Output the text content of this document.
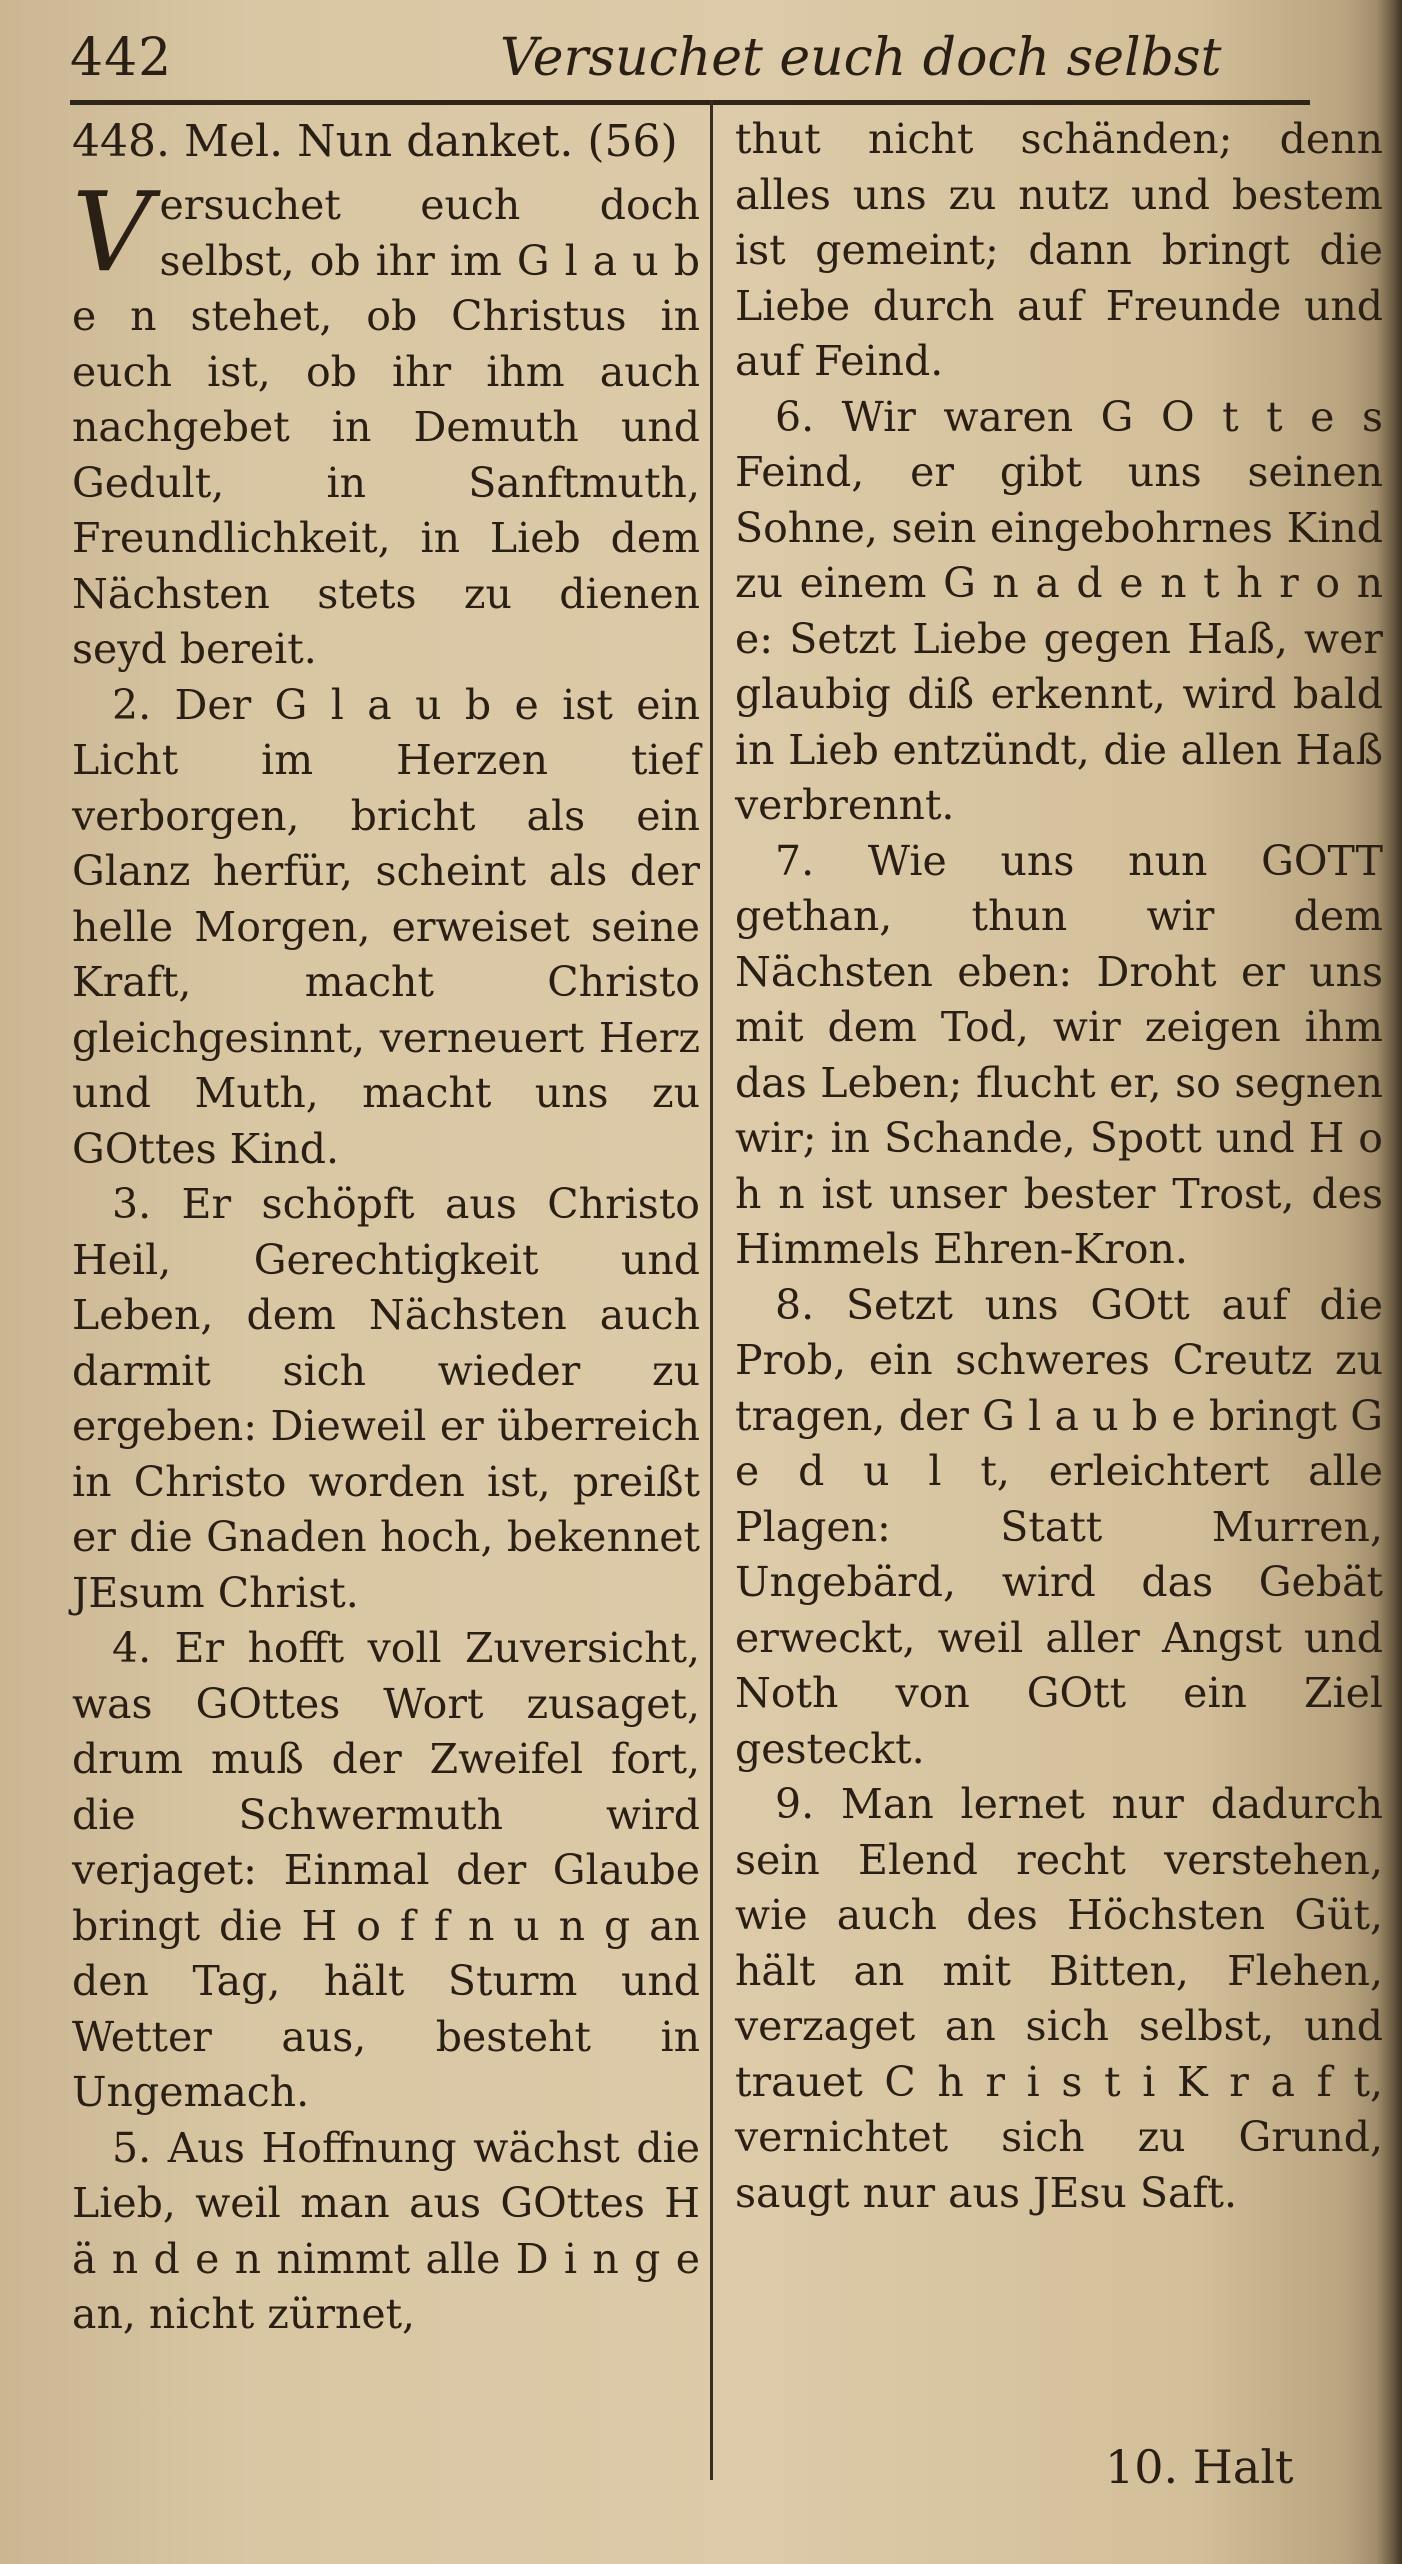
442	Versuchet euch doch selbst
448. Mel. Nun danket. (56)

Versuchet euch doch selbst, ob ihr im G l a u b e n stehet, ob Christus in euch ist, ob ihr ihm auch nachgebet in Demuth und Gedult, in Sanftmuth, Freundlichkeit, in Lieb dem Nächsten stets zu dienen seyd bereit.

2. Der G l a u b e ist ein Licht im Herzen tief verborgen, bricht als ein Glanz herfür, scheint als der helle Morgen, erweiset seine Kraft, macht Christo gleichgesinnt, verneuert Herz und Muth, macht uns zu GOttes Kind.

3. Er schöpft aus Christo Heil, Gerechtigkeit und Leben, dem Nächsten auch darmit sich wieder zu ergeben: Dieweil er überreich in Christo worden ist, preißt er die Gnaden hoch, bekennet JEsum Christ.

4. Er hofft voll Zuversicht, was GOttes Wort zusaget, drum muß der Zweifel fort, die Schwermuth wird verjaget: Einmal der Glaube bringt die H o f f n u n g an den Tag, hält Sturm und Wetter aus, besteht in Ungemach.

5. Aus Hoffnung wächst die Lieb, weil man aus GOttes H ä n d e n nimmt alle D i n g e an, nicht zürnet,

thut nicht schänden; denn alles uns zu nutz und bestem ist gemeint; dann bringt die Liebe durch auf Freunde und auf Feind.

6. Wir waren G O t t e s Feind, er gibt uns seinen Sohne, sein eingebohrnes Kind zu einem G n a d e n t h r o n e: Setzt Liebe gegen Haß, wer glaubig diß erkennt, wird bald in Lieb entzündt, die allen Haß verbrennt.

7. Wie uns nun GOTT gethan, thun wir dem Nächsten eben: Droht er uns mit dem Tod, wir zeigen ihm das Leben; flucht er, so segnen wir; in Schande, Spott und H o h n ist unser bester Trost, des Himmels Ehren-Kron.

8. Setzt uns GOtt auf die Prob, ein schweres Creutz zu tragen, der G l a u b e bringt G e d u l t, erleichtert alle Plagen: Statt Murren, Ungebärd, wird das Gebät erweckt, weil aller Angst und Noth von GOtt ein Ziel gesteckt.

9. Man lernet nur dadurch sein Elend recht verstehen, wie auch des Höchsten Güt, hält an mit Bitten, Flehen, verzaget an sich selbst, und trauet C h r i s t i K r a f t, vernichtet sich zu Grund, saugt nur aus JEsu Saft.

10. Halt
